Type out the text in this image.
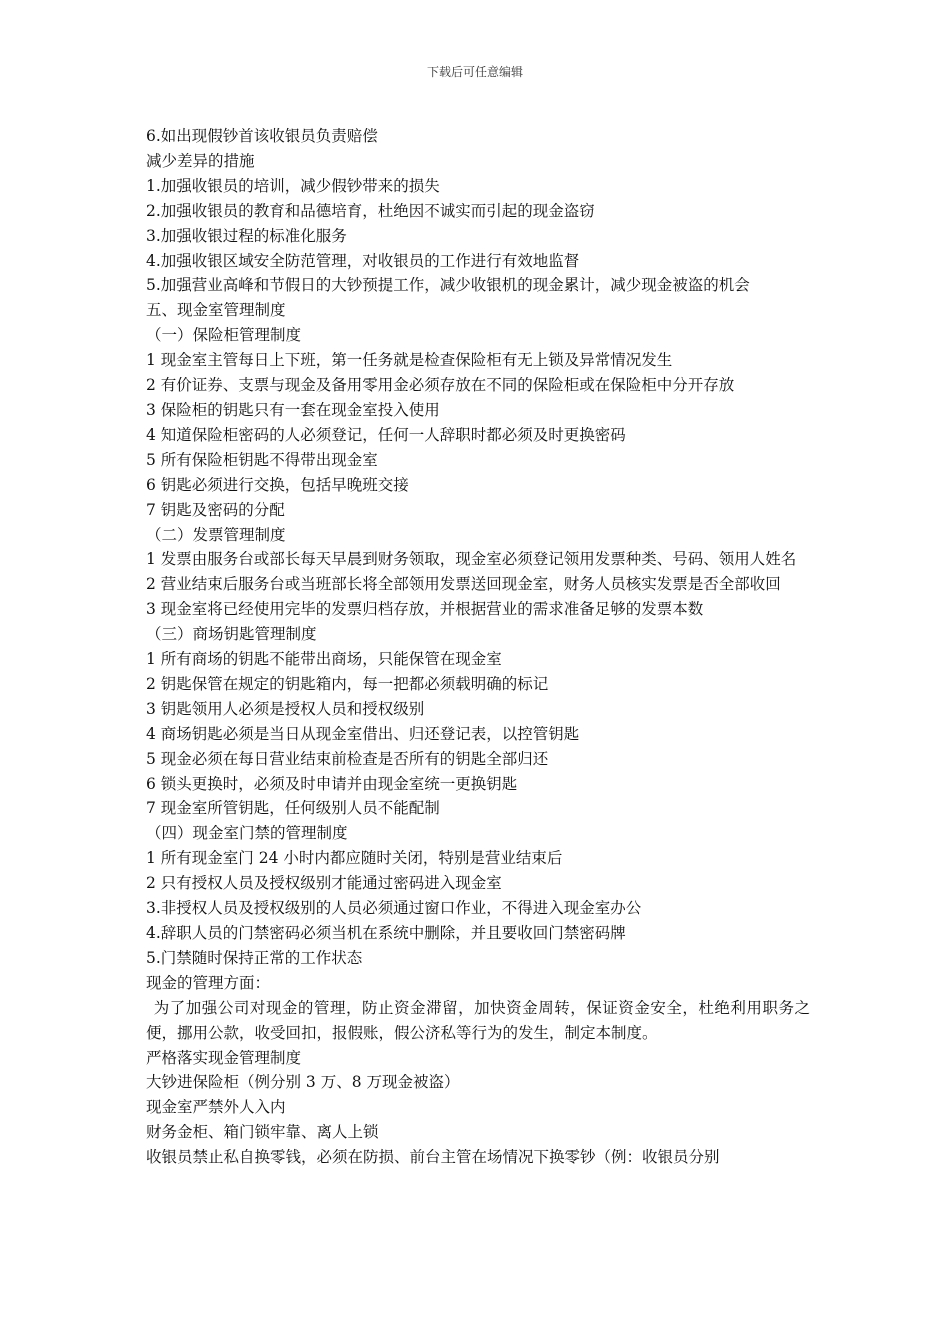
下载后可任意编辑
6.如出现假钞首该收银员负责赔偿
减少差异的措施
1.加强收银员的培训，减少假钞带来的损失
2.加强收银员的教育和品德培育，杜绝因不诚实而引起的现金盗窃
3.加强收银过程的标准化服务
4.加强收银区域安全防范管理，对收银员的工作进行有效地监督
5.加强营业高峰和节假日的大钞预提工作，减少收银机的现金累计，减少现金被盗的机会
五、现金室管理制度
（一）保险柜管理制度
1 现金室主管每日上下班，第一任务就是检查保险柜有无上锁及异常情况发生
2 有价证券、支票与现金及备用零用金必须存放在不同的保险柜或在保险柜中分开存放
3 保险柜的钥匙只有一套在现金室投入使用
4 知道保险柜密码的人必须登记，任何一人辞职时都必须及时更换密码
5 所有保险柜钥匙不得带出现金室
6 钥匙必须进行交换，包括早晚班交接
7 钥匙及密码的分配
（二）发票管理制度
1 发票由服务台或部长每天早晨到财务领取，现金室必须登记领用发票种类、号码、领用人姓名
2 营业结束后服务台或当班部长将全部领用发票送回现金室，财务人员核实发票是否全部收回
3 现金室将已经使用完毕的发票归档存放，并根据营业的需求准备足够的发票本数
（三）商场钥匙管理制度
1 所有商场的钥匙不能带出商场，只能保管在现金室
2 钥匙保管在规定的钥匙箱内，每一把都必须载明确的标记
3 钥匙领用人必须是授权人员和授权级别
4 商场钥匙必须是当日从现金室借出、归还登记表，以控管钥匙
5 现金必须在每日营业结束前检查是否所有的钥匙全部归还
6 锁头更换时，必须及时申请并由现金室统一更换钥匙
7 现金室所管钥匙，任何级别人员不能配制
（四）现金室门禁的管理制度
1 所有现金室门 24 小时内都应随时关闭，特别是营业结束后
2 只有授权人员及授权级别才能通过密码进入现金室
3.非授权人员及授权级别的人员必须通过窗口作业，不得进入现金室办公
4.辞职人员的门禁密码必须当机在系统中删除，并且要收回门禁密码牌
5.门禁随时保持正常的工作状态
现金的管理方面：
为了加强公司对现金的管理，防止资金滞留，加快资金周转，保证资金安全，杜绝利用职务之便，挪用公款，收受回扣，报假账，假公济私等行为的发生，制定本制度。
严格落实现金管理制度
大钞进保险柜（例分别 3 万、8 万现金被盗）
现金室严禁外人入内
财务金柜、箱门锁牢靠、离人上锁
收银员禁止私自换零钱，必须在防损、前台主管在场情况下换零钞（例：收银员分别
